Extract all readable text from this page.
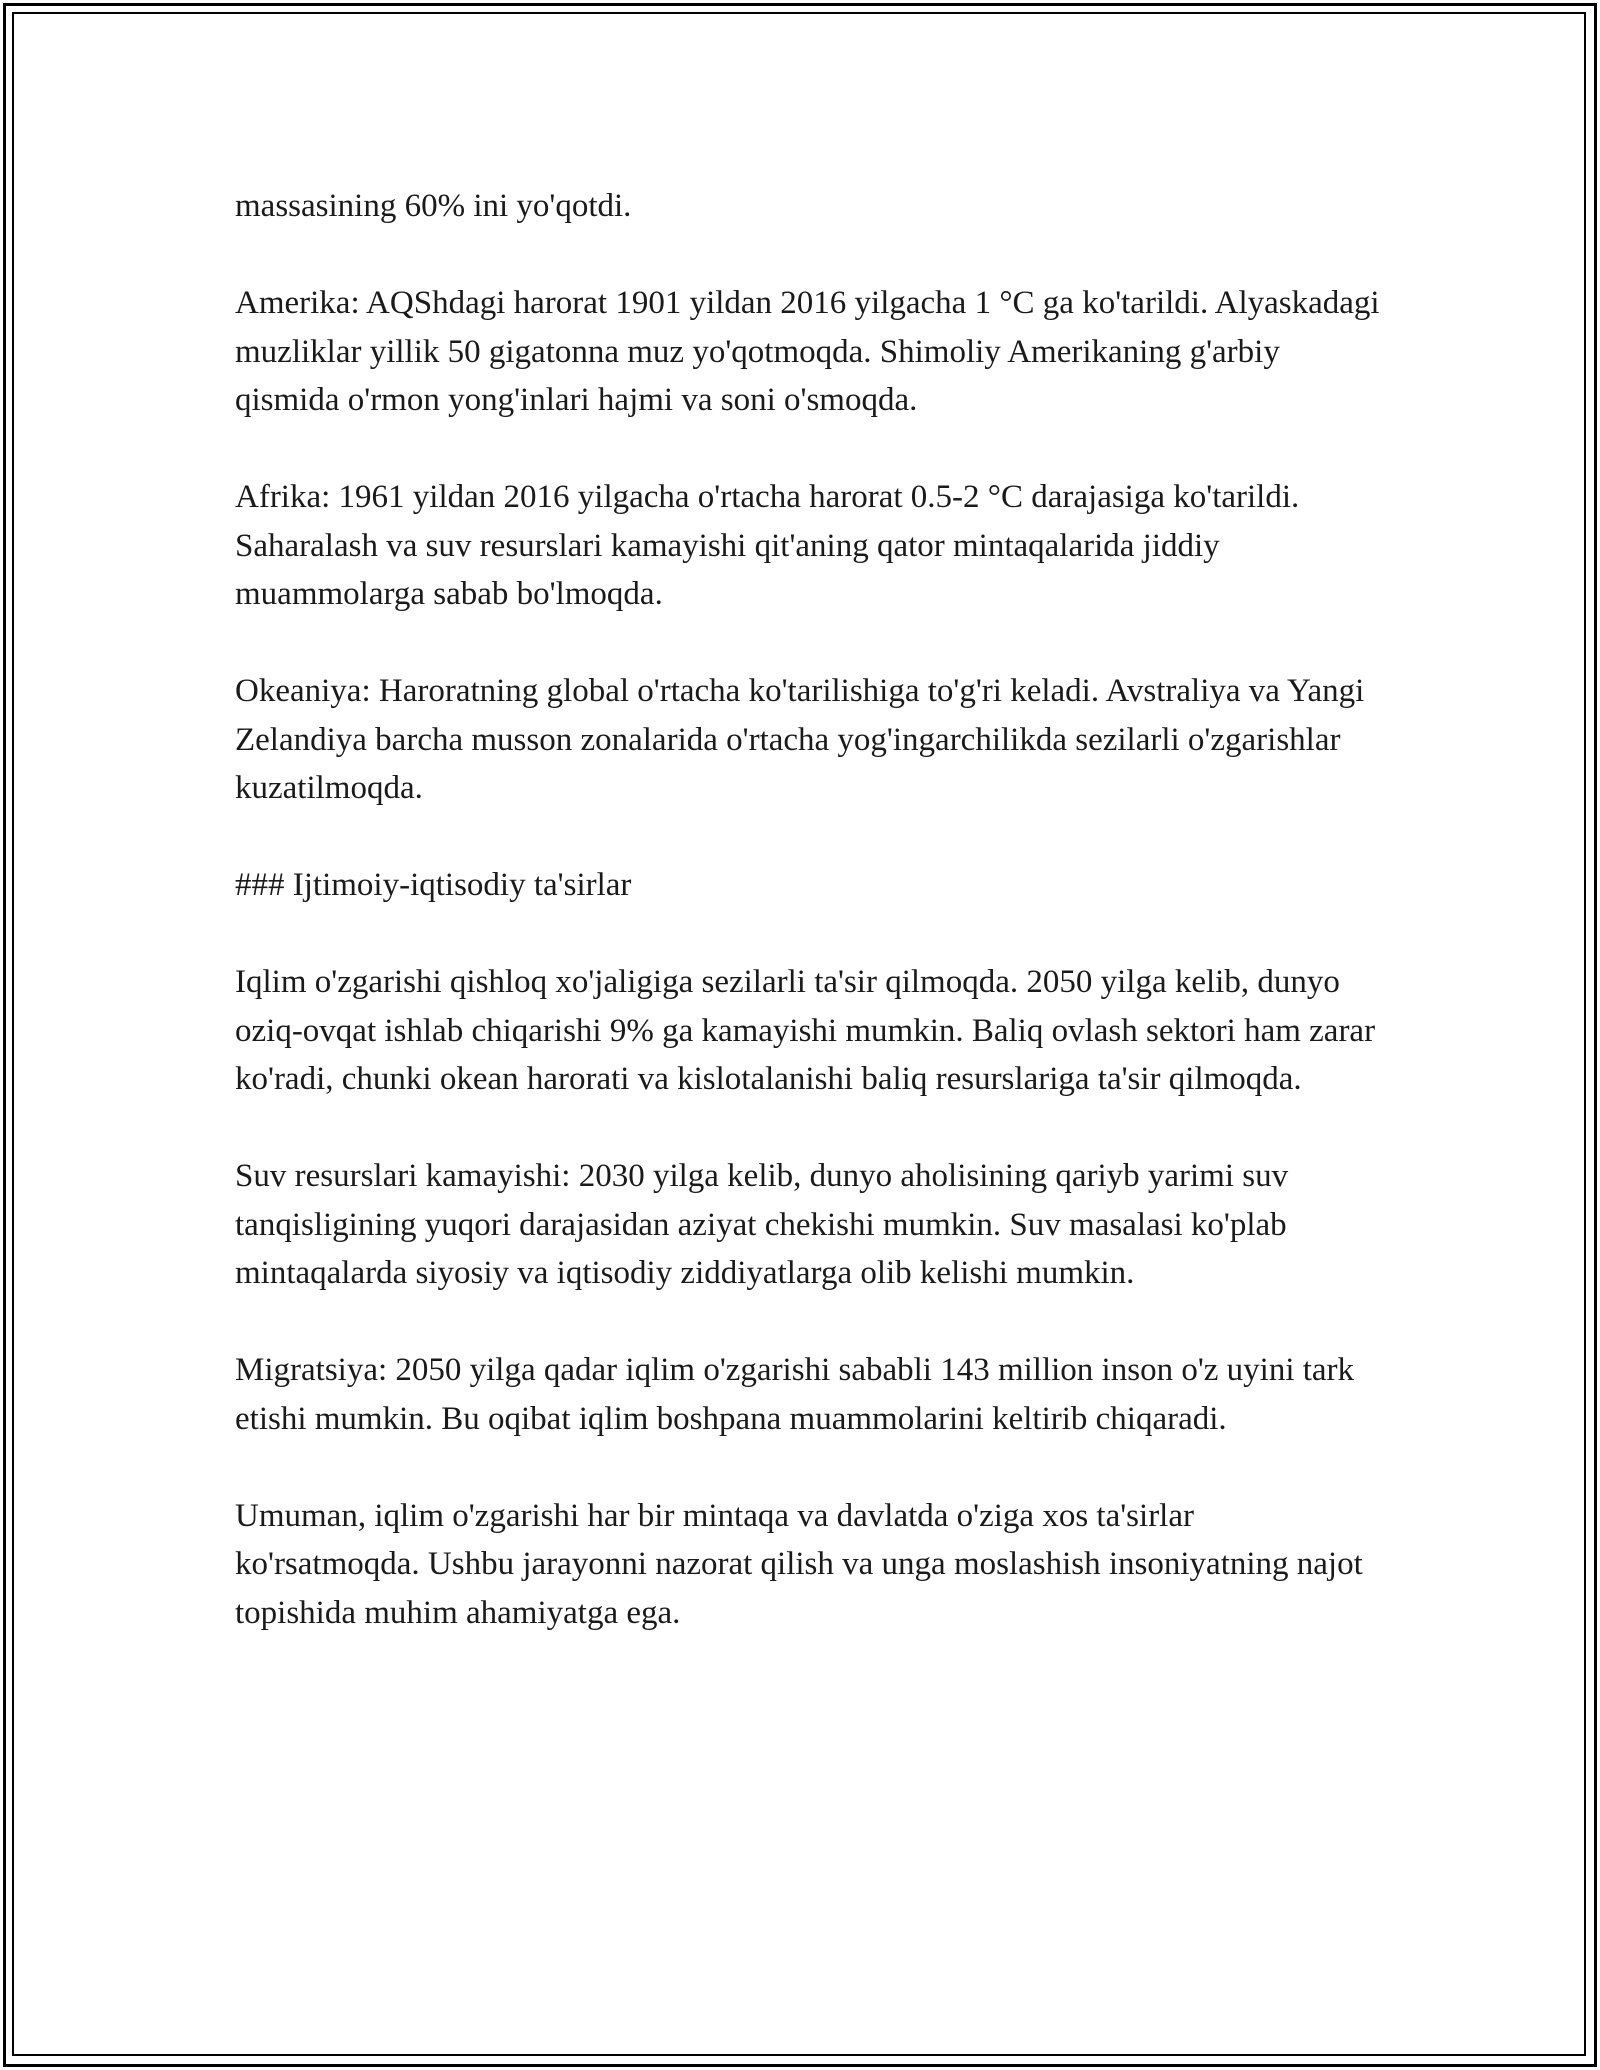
massasining 60% ini yo'qotdi.

Amerika: AQShdagi harorat 1901 yildan 2016 yilgacha 1 °C ga ko'tarildi. Alyaskadagi muzliklar yillik 50 gigatonna muz yo'qotmoqda. Shimoliy Amerikaning g'arbiy qismida o'rmon yong'inlari hajmi va soni o'smoqda.

Afrika: 1961 yildan 2016 yilgacha o'rtacha harorat 0.5-2 °C darajasiga ko'tarildi. Saharalash va suv resurslari kamayishi qit'aning qator mintaqalarida jiddiy muammolarga sabab bo'lmoqda.

Okeaniya: Haroratning global o'rtacha ko'tarilishiga to'g'ri keladi. Avstraliya va Yangi Zelandiya barcha musson zonalarida o'rtacha yog'ingarchilikda sezilarli o'zgarishlar kuzatilmoqda.

### Ijtimoiy-iqtisodiy ta'sirlar

Iqlim o'zgarishi qishloq xo'jaligiga sezilarli ta'sir qilmoqda. 2050 yilga kelib, dunyo oziq-ovqat ishlab chiqarishi 9% ga kamayishi mumkin. Baliq ovlash sektori ham zarar ko'radi, chunki okean harorati va kislotalanishi baliq resurslariga ta'sir qilmoqda.

Suv resurslari kamayishi: 2030 yilga kelib, dunyo aholisining qariyb yarimi suv tanqisligining yuqori darajasidan aziyat chekishi mumkin. Suv masalasi ko'plab mintaqalarda siyosiy va iqtisodiy ziddiyatlarga olib kelishi mumkin.

Migratsiya: 2050 yilga qadar iqlim o'zgarishi sababli 143 million inson o'z uyini tark etishi mumkin. Bu oqibat iqlim boshpana muammolarini keltirib chiqaradi.

Umuman, iqlim o'zgarishi har bir mintaqa va davlatda o'ziga xos ta'sirlar ko'rsatmoqda. Ushbu jarayonni nazorat qilish va unga moslashish insoniyatning najot topishida muhim ahamiyatga ega.
